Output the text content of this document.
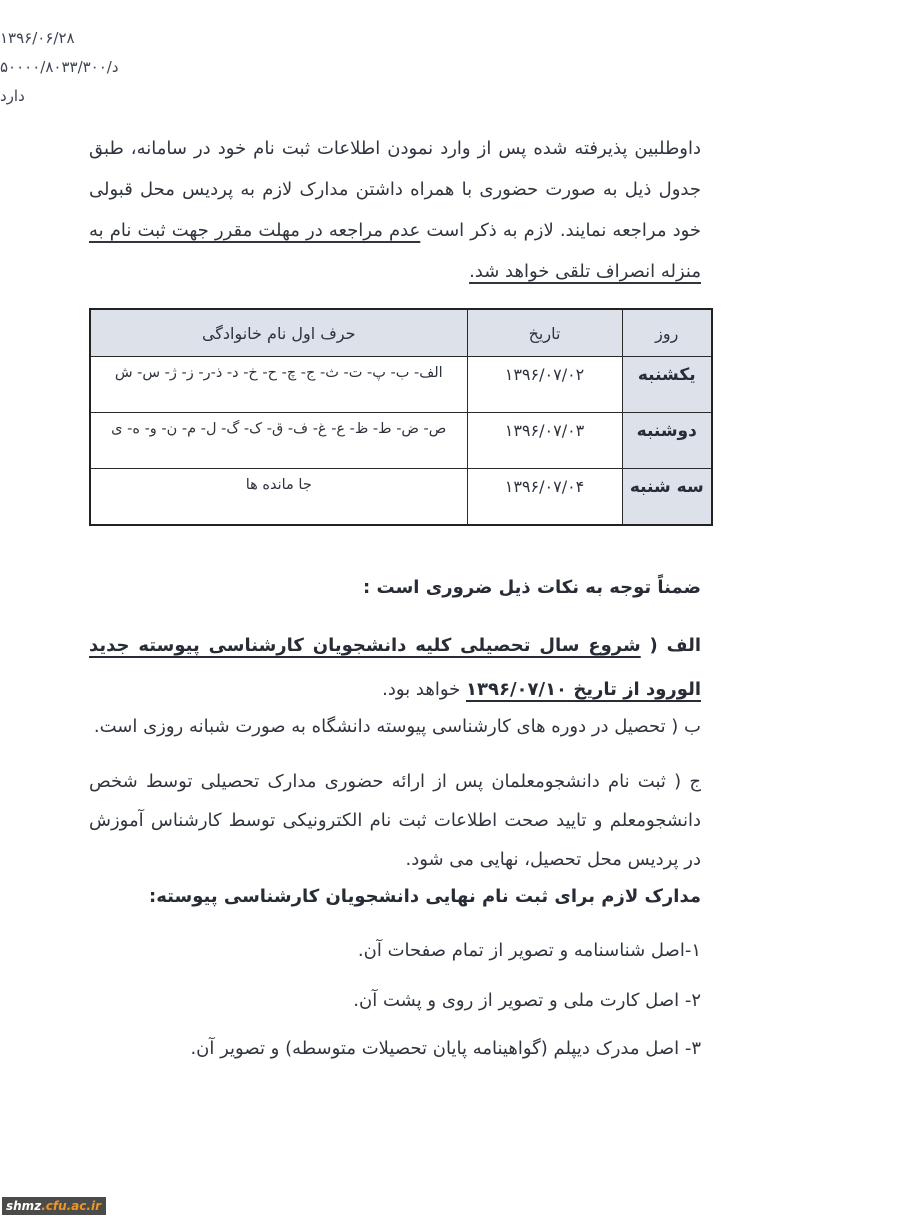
۱۳۹۶/۰۶/۲۸
د/۵۰۰۰۰/۸۰۳۳/۳۰۰
دارد

داوطلبین پذیرفته شده پس از وارد نمودن اطلاعات ثبت نام خود در سامانه، طبق جدول ذیل به صورت حضوری با همراه داشتن مدارک لازم به پردیس محل قبولی خود مراجعه نمایند. لازم به ذکر است عدم مراجعه در مهلت مقرر جهت ثبت نام به منزله انصراف تلقی خواهد شد.

روز	تاریخ	حرف اول نام خانوادگی
یکشنبه	۱۳۹۶/۰۷/۰۲	الف- ب- پ- ت- ث- ج- چ- ح- خ- د- ذ-ر- ز- ژ- س- ش
دوشنبه	۱۳۹۶/۰۷/۰۳	ص- ض- ط- ظ- ع- غ- ف- ق- ک- گ- ل- م- ن- و- ه- ی
سه شنبه	۱۳۹۶/۰۷/۰۴	جا مانده ها

ضمناً توجه به نکات ذیل ضروری است :

الف ( شروع سال تحصیلی کلیه دانشجویان کارشناسی پیوسته جدید الورود از تاریخ ۱۳۹۶/۰۷/۱۰ خواهد بود.

ب ( تحصیل در دوره های کارشناسی پیوسته دانشگاه به صورت شبانه روزی است.

ج ( ثبت نام دانشجومعلمان پس از ارائه حضوری مدارک تحصیلی توسط شخص دانشجومعلم و تایید صحت اطلاعات ثبت نام الکترونیکی توسط کارشناس آموزش در پردیس محل تحصیل، نهایی می شود.

مدارک لازم برای ثبت نام نهایی دانشجویان کارشناسی پیوسته:

۱-اصل شناسنامه و تصویر از تمام صفحات آن.

۲- اصل کارت ملی و تصویر از روی و پشت آن.

۳- اصل مدرک دیپلم (گواهینامه پایان تحصیلات متوسطه) و تصویر آن.

shmz.cfu.ac.ir
